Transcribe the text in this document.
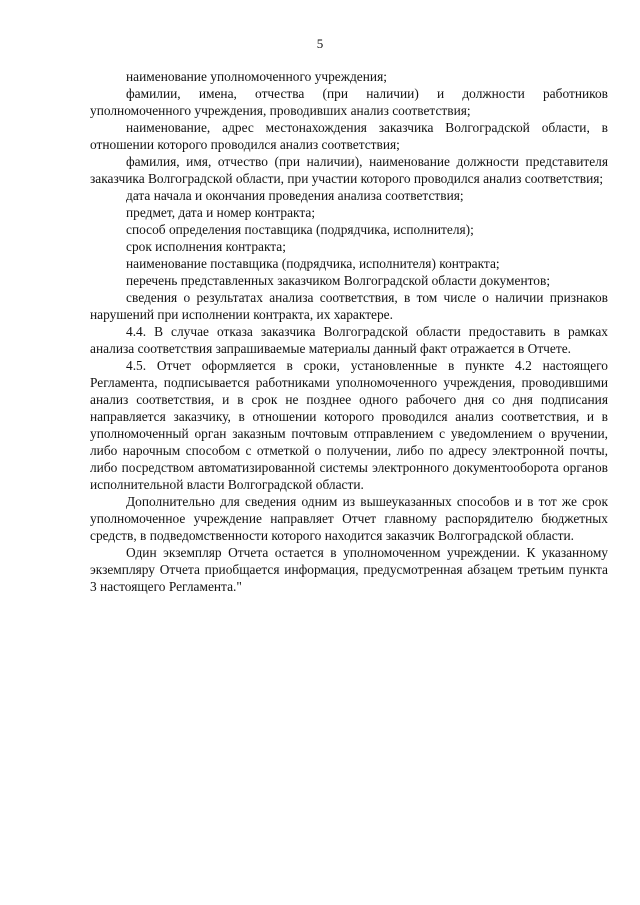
5

наименование уполномоченного учреждения;

фамилии, имена, отчества (при наличии) и должности работников уполномоченного учреждения, проводивших анализ соответствия;

наименование, адрес местонахождения заказчика Волгоградской области, в отношении которого проводился анализ соответствия;

фамилия, имя, отчество (при наличии), наименование должности представителя заказчика Волгоградской области, при участии которого проводился анализ соответствия;

дата начала и окончания проведения анализа соответствия;

предмет, дата и номер контракта;

способ определения поставщика (подрядчика, исполнителя);

срок исполнения контракта;

наименование поставщика (подрядчика, исполнителя) контракта;

перечень представленных заказчиком Волгоградской области документов;

сведения о результатах анализа соответствия, в том числе о наличии признаков нарушений при исполнении контракта, их характере.

4.4. В случае отказа заказчика Волгоградской области предоставить в рамках анализа соответствия запрашиваемые материалы данный факт отражается в Отчете.

4.5. Отчет оформляется в сроки, установленные в пункте 4.2 настоящего Регламента, подписывается работниками уполномоченного учреждения, проводившими анализ соответствия, и в срок не позднее одного рабочего дня со дня подписания направляется заказчику, в отношении которого проводился анализ соответствия, и в уполномоченный орган заказным почтовым отправлением с уведомлением о вручении, либо нарочным способом с отметкой о получении, либо по адресу электронной почты, либо посредством автоматизированной системы электронного документооборота органов исполнительной власти Волгоградской области.

Дополнительно для сведения одним из вышеуказанных способов и в тот же срок уполномоченное учреждение направляет Отчет главному распорядителю бюджетных средств, в подведомственности которого находится заказчик Волгоградской области.

Один экземпляр Отчета остается в уполномоченном учреждении. К указанному экземпляру Отчета приобщается информация, предусмотренная абзацем третьим пункта 3 настоящего Регламента."
